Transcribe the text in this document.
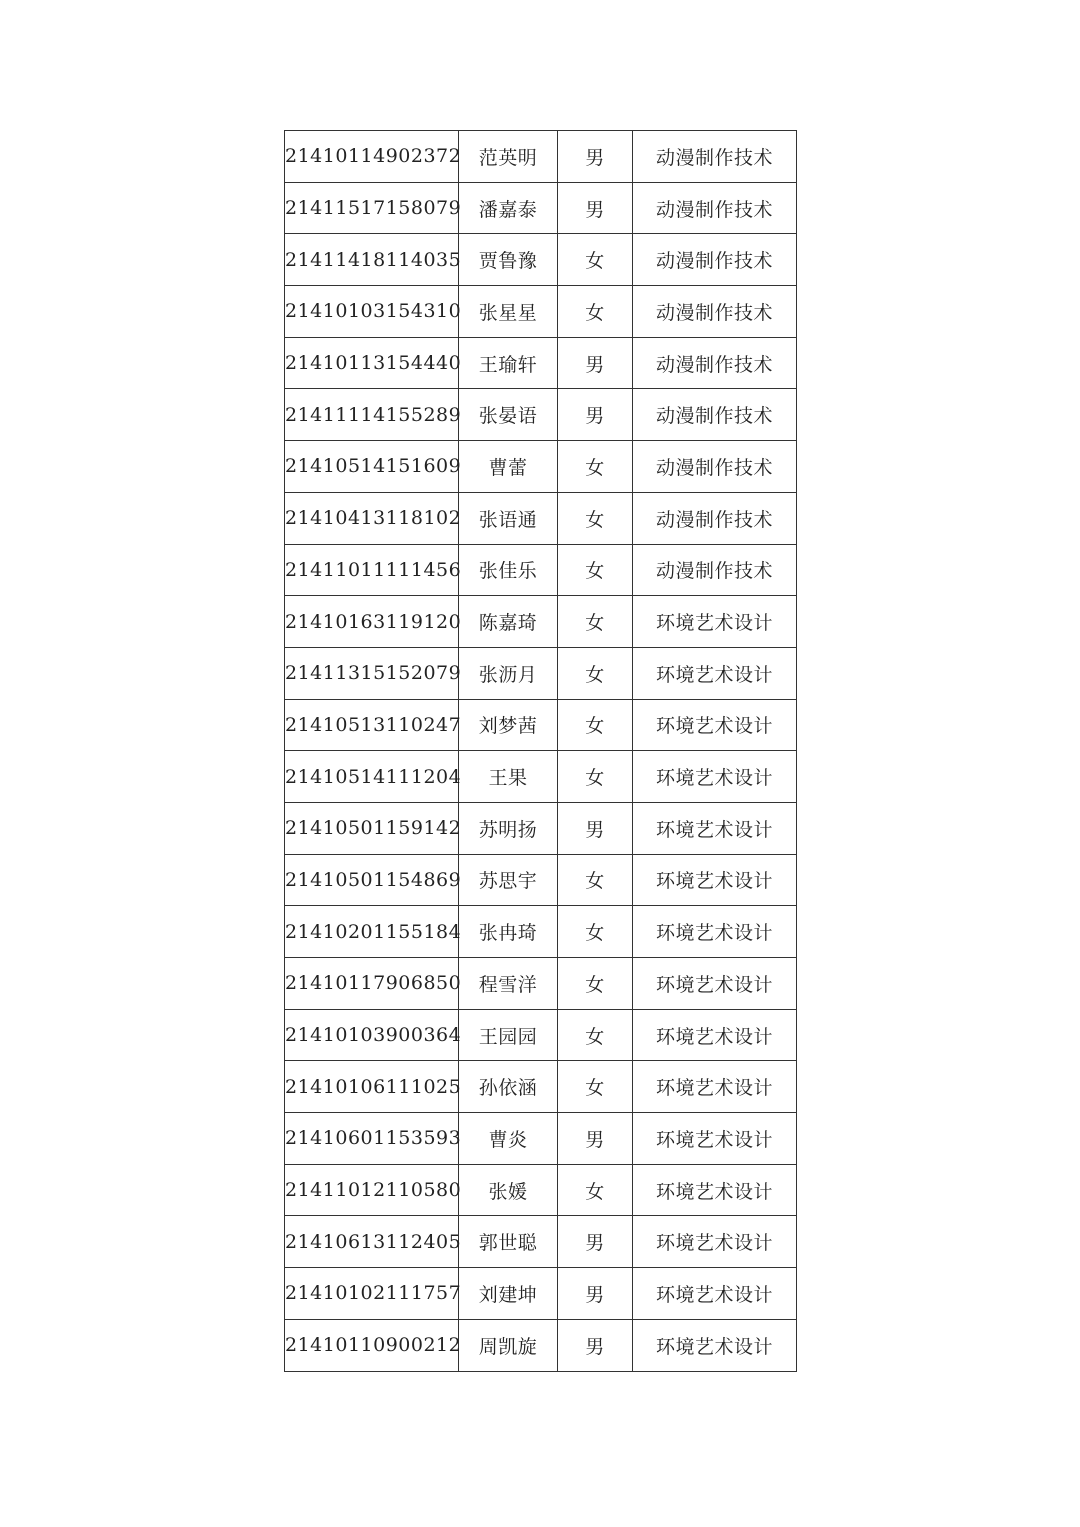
21410114902372	范英明	男	动漫制作技术
21411517158079	潘嘉泰	男	动漫制作技术
21411418114035	贾鲁豫	女	动漫制作技术
21410103154310	张星星	女	动漫制作技术
21410113154440	王瑜轩	男	动漫制作技术
21411114155289	张晏语	男	动漫制作技术
21410514151609	曹蕾	女	动漫制作技术
21410413118102	张语通	女	动漫制作技术
21411011111456	张佳乐	女	动漫制作技术
21410163119120	陈嘉琦	女	环境艺术设计
21411315152079	张沥月	女	环境艺术设计
21410513110247	刘梦茜	女	环境艺术设计
21410514111204	王果	女	环境艺术设计
21410501159142	苏明扬	男	环境艺术设计
21410501154869	苏思宇	女	环境艺术设计
21410201155184	张冉琦	女	环境艺术设计
21410117906850	程雪洋	女	环境艺术设计
21410103900364	王园园	女	环境艺术设计
21410106111025	孙依涵	女	环境艺术设计
21410601153593	曹炎	男	环境艺术设计
21411012110580	张媛	女	环境艺术设计
21410613112405	郭世聪	男	环境艺术设计
21410102111757	刘建坤	男	环境艺术设计
21410110900212	周凯旋	男	环境艺术设计
